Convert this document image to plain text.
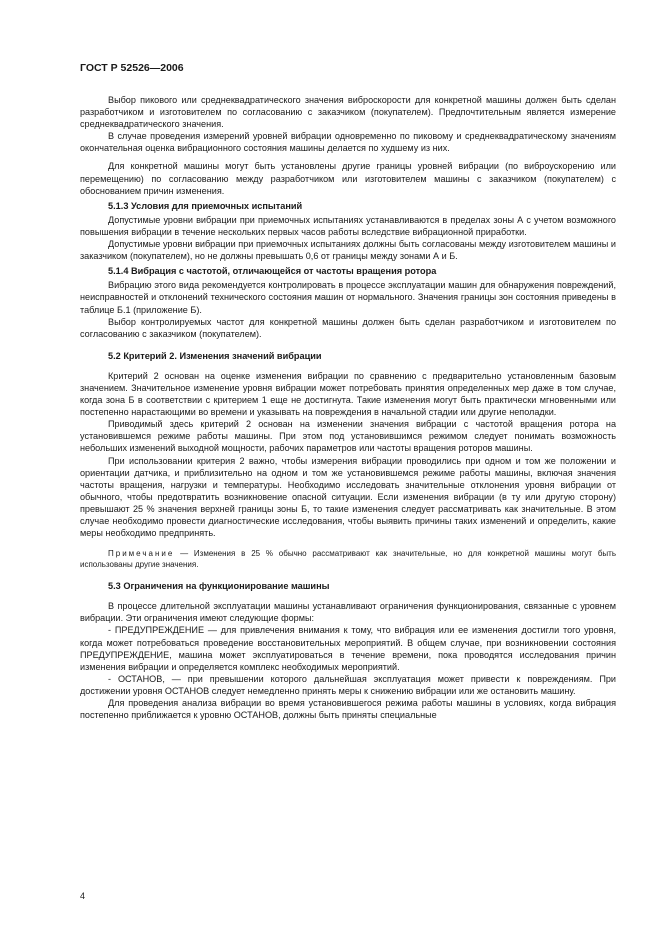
ГОСТ Р 52526—2006

Выбор пикового или среднеквадратического значения виброскорости для конкретной машины должен быть сделан разработчиком и изготовителем по согласованию с заказчиком (покупателем). Предпочтительным является измерение среднеквадратического значения.

В случае проведения измерений уровней вибрации одновременно по пиковому и среднеквадратическому значениям окончательная оценка вибрационного состояния машины делается по худшему из них.

Для конкретной машины могут быть установлены другие границы уровней вибрации (по виброускорению или перемещению) по согласованию между разработчиком или изготовителем машины с заказчиком (покупателем) с обоснованием причин изменения.

5.1.3 Условия для приемочных испытаний

Допустимые уровни вибрации при приемочных испытаниях устанавливаются в пределах зоны А с учетом возможного повышения вибрации в течение нескольких первых часов работы вследствие вибрационной приработки.

Допустимые уровни вибрации при приемочных испытаниях должны быть согласованы между изготовителем машины и заказчиком (покупателем), но не должны превышать 0,6 от границы между зонами А и Б.

5.1.4 Вибрация с частотой, отличающейся от частоты вращения ротора

Вибрацию этого вида рекомендуется контролировать в процессе эксплуатации машин для обнаружения повреждений, неисправностей и отклонений технического состояния машин от нормального. Значения границы зон состояния приведены в таблице Б.1 (приложение Б).

Выбор контролируемых частот для конкретной машины должен быть сделан разработчиком и изготовителем по согласованию с заказчиком (покупателем).

5.2 Критерий 2. Изменения значений вибрации

Критерий 2 основан на оценке изменения вибрации по сравнению с предварительно установленным базовым значением. Значительное изменение уровня вибрации может потребовать принятия определенных мер даже в том случае, когда зона Б в соответствии с критерием 1 еще не достигнута. Такие изменения могут быть практически мгновенными или постепенно нарастающими во времени и указывать на повреждения в начальной стадии или другие неполадки.

Приводимый здесь критерий 2 основан на изменении значения вибрации с частотой вращения ротора на установившемся режиме работы машины. При этом под установившимся режимом следует понимать возможность небольших изменений выходной мощности, рабочих параметров или частоты вращения роторов машины.

При использовании критерия 2 важно, чтобы измерения вибрации проводились при одном и том же положении и ориентации датчика, и приблизительно на одном и том же установившемся режиме работы машины, включая значения частоты вращения, нагрузки и температуры. Необходимо исследовать значительные отклонения уровня вибрации от обычного, чтобы предотвратить возникновение опасной ситуации. Если изменения вибрации (в ту или другую сторону) превышают 25 % значения верхней границы зоны Б, то такие изменения следует рассматривать как значительные. В этом случае необходимо провести диагностические исследования, чтобы выявить причины таких изменений и определить, какие меры необходимо предпринять.

Примечание — Изменения в 25 % обычно рассматривают как значительные, но для конкретной машины могут быть использованы другие значения.

5.3 Ограничения на функционирование машины

В процессе длительной эксплуатации машины устанавливают ограничения функционирования, связанные с уровнем вибрации. Эти ограничения имеют следующие формы:

- ПРЕДУПРЕЖДЕНИЕ — для привлечения внимания к тому, что вибрация или ее изменения достигли того уровня, когда может потребоваться проведение восстановительных мероприятий. В общем случае, при возникновении состояния ПРЕДУПРЕЖДЕНИЕ, машина может эксплуатироваться в течение времени, пока проводятся исследования причин изменения вибрации и определяется комплекс необходимых мероприятий.

- ОСТАНОВ, — при превышении которого дальнейшая эксплуатация может привести к повреждениям. При достижении уровня ОСТАНОВ следует немедленно принять меры к снижению вибрации или же остановить машину.

Для проведения анализа вибрации во время установившегося режима работы машины в условиях, когда вибрация постепенно приближается к уровню ОСТАНОВ, должны быть приняты специальные

4
